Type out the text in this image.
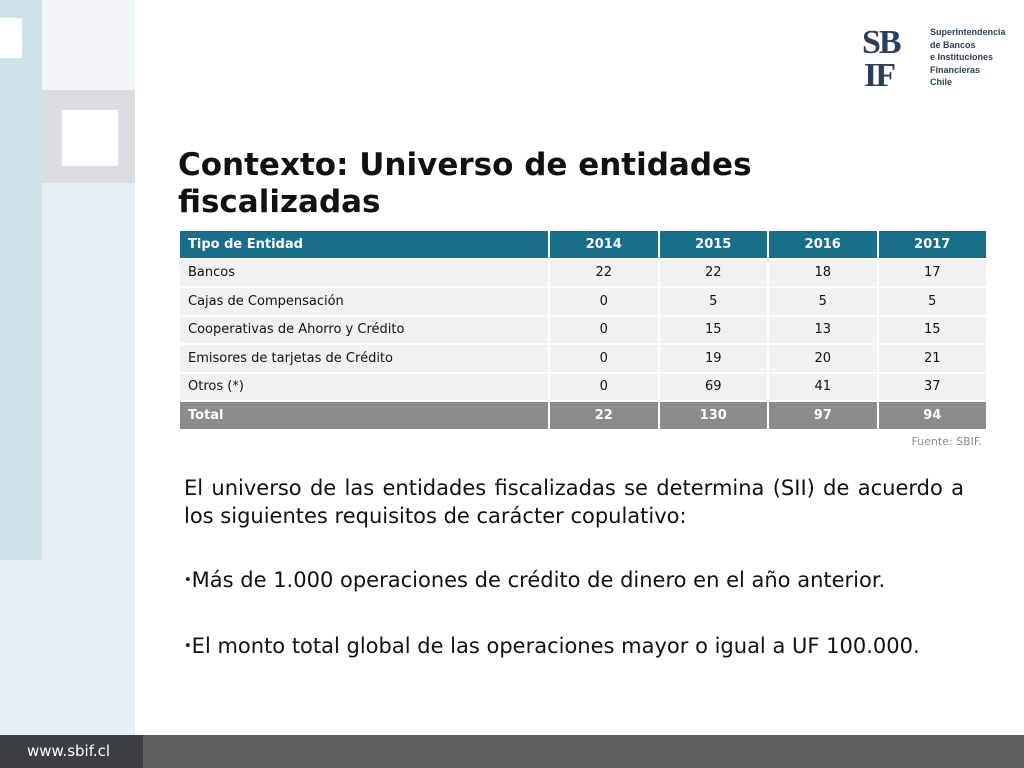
SB
IF
Superintendencia
de Bancos
e Instituciones
Financieras
Chile
Contexto: Universo de entidades fiscalizadas
Tipo de Entidad	2014	2015	2016	2017
Bancos	22	22	18	17
Cajas de Compensación	0	5	5	5
Cooperativas de Ahorro y Crédito	0	15	13	15
Emisores de tarjetas de Crédito	0	19	20	21
Otros (*)	0	69	41	37
Total	22	130	97	94
Fuente: SBIF.

El universo de las entidades fiscalizadas se determina (SII) de acuerdo a los siguientes requisitos de carácter copulativo:

•Más de 1.000 operaciones de crédito de dinero en el año anterior.

•El monto total global de las operaciones mayor o igual a UF 100.000.

www.sbif.cl
